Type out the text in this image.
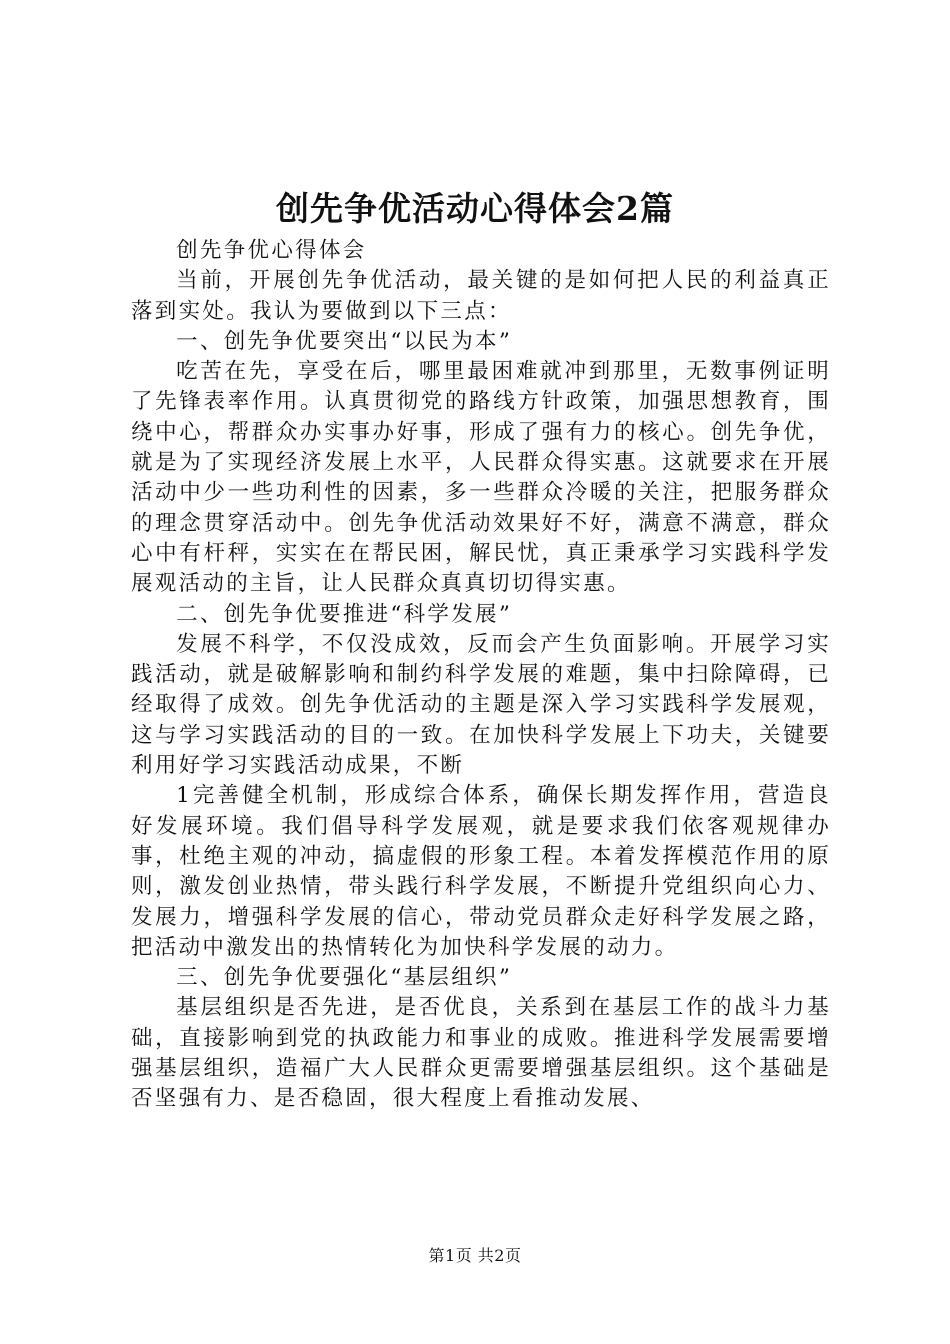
创先争优活动心得体会2篇

创先争优心得体会

当前，开展创先争优活动，最关键的是如何把人民的利益真正落到实处。我认为要做到以下三点：

一、创先争优要突出“以民为本”

吃苦在先，享受在后，哪里最困难就冲到那里，无数事例证明了先锋表率作用。认真贯彻党的路线方针政策，加强思想教育，围绕中心，帮群众办实事办好事，形成了强有力的核心。创先争优，就是为了实现经济发展上水平，人民群众得实惠。这就要求在开展活动中少一些功利性的因素，多一些群众冷暖的关注，把服务群众的理念贯穿活动中。创先争优活动效果好不好，满意不满意，群众心中有杆秤，实实在在帮民困，解民忧，真正秉承学习实践科学发展观活动的主旨，让人民群众真真切切得实惠。

二、创先争优要推进“科学发展”

发展不科学，不仅没成效，反而会产生负面影响。开展学习实践活动，就是破解影响和制约科学发展的难题，集中扫除障碍，已经取得了成效。创先争优活动的主题是深入学习实践科学发展观，这与学习实践活动的目的一致。在加快科学发展上下功夫，关键要利用好学习实践活动成果，不断

1完善健全机制，形成综合体系，确保长期发挥作用，营造良好发展环境。我们倡导科学发展观，就是要求我们依客观规律办事，杜绝主观的冲动，搞虚假的形象工程。本着发挥模范作用的原则，激发创业热情，带头践行科学发展，不断提升党组织向心力、发展力，增强科学发展的信心，带动党员群众走好科学发展之路，把活动中激发出的热情转化为加快科学发展的动力。

三、创先争优要强化“基层组织”

基层组织是否先进，是否优良，关系到在基层工作的战斗力基础，直接影响到党的执政能力和事业的成败。推进科学发展需要增强基层组织，造福广大人民群众更需要增强基层组织。这个基础是否坚强有力、是否稳固，很大程度上看推动发展、

第1页 共2页
